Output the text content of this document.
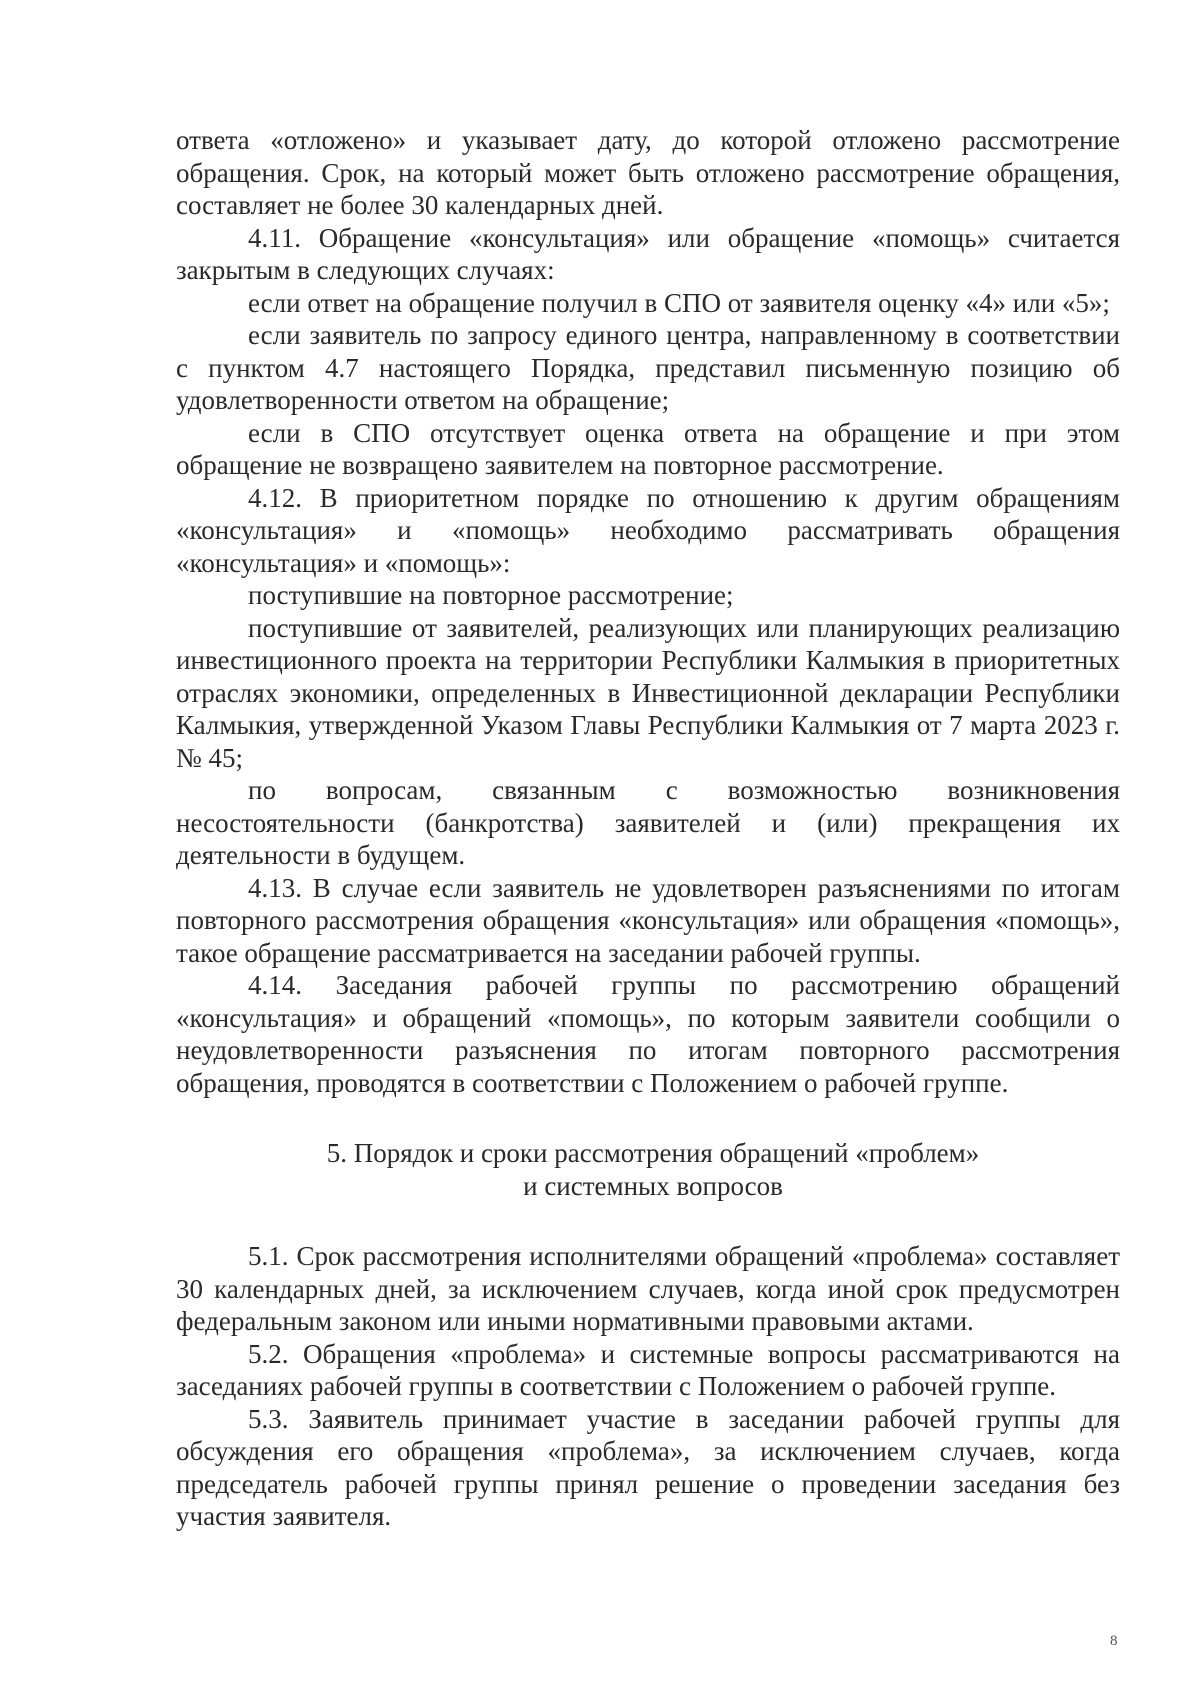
ответа «отложено» и указывает дату, до которой отложено рассмотрение обращения. Срок, на который может быть отложено рассмотрение обращения, составляет не более 30 календарных дней.

4.11. Обращение «консультация» или обращение «помощь» считается закрытым в следующих случаях:

если ответ на обращение получил в СПО от заявителя оценку «4» или «5»;

если заявитель по запросу единого центра, направленному в соответствии с пунктом 4.7 настоящего Порядка, представил письменную позицию об удовлетворенности ответом на обращение;

если в СПО отсутствует оценка ответа на обращение и при этом обращение не возвращено заявителем на повторное рассмотрение.

4.12. В приоритетном порядке по отношению к другим обращениям «консультация» и «помощь» необходимо рассматривать обращения «консультация» и «помощь»:

поступившие на повторное рассмотрение;

поступившие от заявителей, реализующих или планирующих реализацию инвестиционного проекта на территории Республики Калмыкия в приоритетных отраслях экономики, определенных в Инвестиционной декларации Республики Калмыкия, утвержденной Указом Главы Республики Калмыкия от 7 марта 2023 г. № 45;

по вопросам, связанным с возможностью возникновения несостоятельности (банкротства) заявителей и (или) прекращения их деятельности в будущем.

4.13. В случае если заявитель не удовлетворен разъяснениями по итогам повторного рассмотрения обращения «консультация» или обращения «помощь», такое обращение рассматривается на заседании рабочей группы.

4.14. Заседания рабочей группы по рассмотрению обращений «консультация» и обращений «помощь», по которым заявители сообщили о неудовлетворенности разъяснения по итогам повторного рассмотрения обращения, проводятся в соответствии с Положением о рабочей группе.

5. Порядок и сроки рассмотрения обращений «проблем»

и системных вопросов

5.1. Срок рассмотрения исполнителями обращений «проблема» составляет 30 календарных дней, за исключением случаев, когда иной срок предусмотрен федеральным законом или иными нормативными правовыми актами.

5.2. Обращения «проблема» и системные вопросы рассматриваются на заседаниях рабочей группы в соответствии с Положением о рабочей группе.

5.3. Заявитель принимает участие в заседании рабочей группы для обсуждения его обращения «проблема», за исключением случаев, когда председатель рабочей группы принял решение о проведении заседания без участия заявителя.

8
